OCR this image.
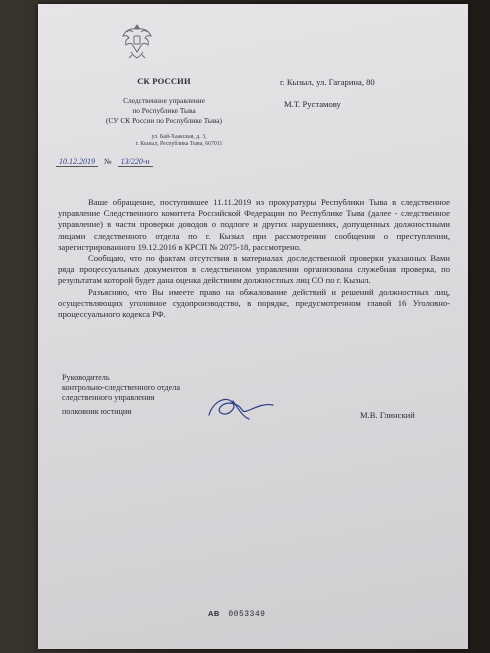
СК РОССИИ
Следственное управление
по Республике Тыва
(СУ СК России по Республике Тыва)
ул. Бай-Хаакская, д. 3,
г. Кызыл, Республика Тыва, 667011
10.12.2019 № 13/220-н
г. Кызыл, ул. Гагарина, 80
М.Т. Рустамову

Ваше обращение, поступившее 11.11.2019 из прокуратуры Республики Тыва в следственное управление Следственного комитета Российской Федерации по Республике Тыва (далее - следственное управление) в части проверки доводов о подлоге и других нарушениях, допущенных должностными лицами следственного отдела по г. Кызыл при рассмотрении сообщения о преступлении, зарегистрированного 19.12.2016 в КРСП № 2075-18, рассмотрено.

Сообщаю, что по фактам отсутствия в материалах доследственной проверки указанных Вами ряда процессуальных документов в следственном управлении организована служебная проверка, по результатам которой будет дана оценка действиям должностных лиц СО по г. Кызыл.

Разъясняю, что Вы имеете право на обжалование действий и решений должностных лиц, осуществляющих уголовное судопроизводство, в порядке, предусмотренном главой 16 Уголовно-процессуального кодекса РФ.

Руководитель
контрольно-следственного отдела
следственного управления
полковник юстиции	М.В. Глинский
АВ 0053349
